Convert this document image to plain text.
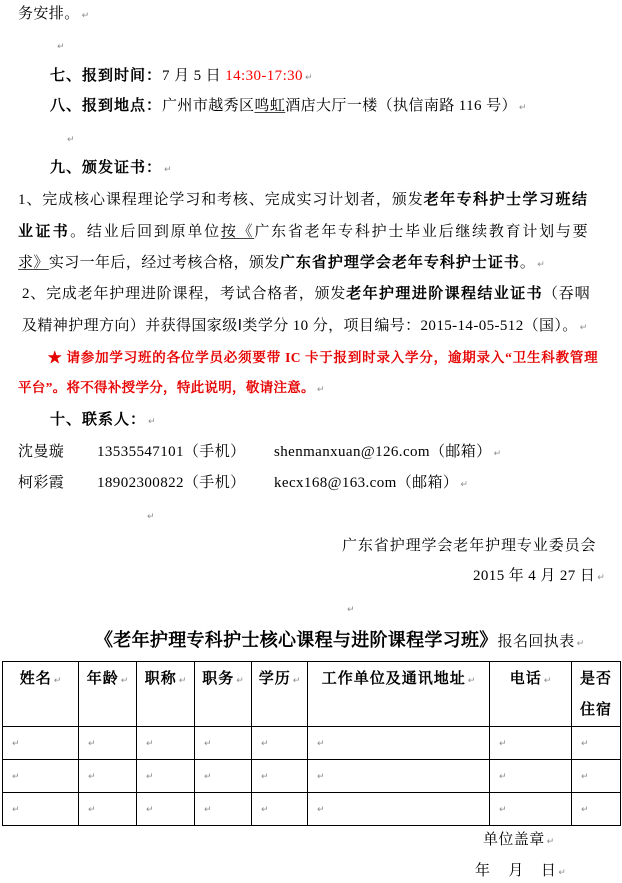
务安排。 ↵
↵
七、报到时间：7 月 5 日 14:30-17:30 ↵
八、报到地点：广州市越秀区鸣虹酒店大厅一楼（执信南路 116 号） ↵
↵
九、颁发证书： ↵
1、完成核心课程理论学习和考核、完成实习计划者，颁发老年专科护士学习班结
业证书。结业后回到原单位按《广东省老年专科护士毕业后继续教育计划与要
求》实习一年后，经过考核合格，颁发广东省护理学会老年专科护士证书。 ↵
2、完成老年护理进阶课程，考试合格者，颁发老年护理进阶课程结业证书（吞咽
及精神护理方向）并获得国家级Ⅰ类学分 10 分，项目编号：2015-14-05-512（国）。 ↵
★ 请参加学习班的各位学员必须要带 IC 卡于报到时录入学分，逾期录入“卫生科教管理
平台”。将不得补授学分，特此说明，敬请注意。 ↵
十、联系人： ↵
沈曼璇 13535547101（手机） shenmanxuan@126.com（邮箱） ↵
柯彩霞 18902300822（手机） kecx168@163.com（邮箱） ↵
↵
广东省护理学会老年护理专业委员会
2015 年 4 月 27 日 ↵
↵
《老年护理专科护士核心课程与进阶课程学习班》报名回执表 ↵
姓名 ↵	年龄 ↵	职称 ↵	职务 ↵	学历 ↵	工作单位及通讯地址 ↵	电话 ↵	是否
住宿
↵	↵	↵	↵	↵	↵	↵	↵
↵	↵	↵	↵	↵	↵	↵	↵
↵	↵	↵	↵	↵	↵	↵	↵
单位盖章 ↵
年 月 日 ↵
